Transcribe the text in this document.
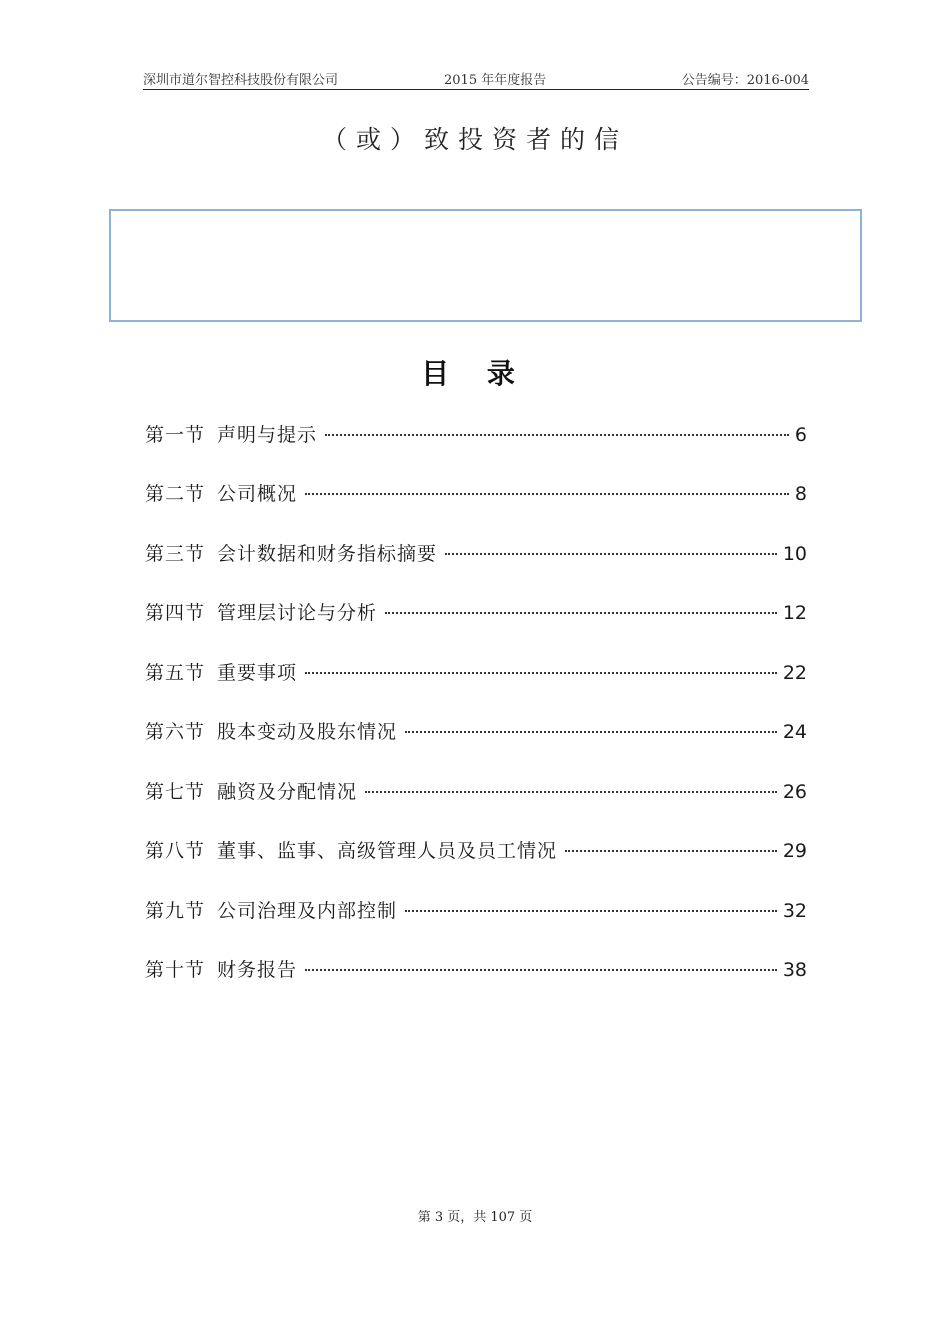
深圳市道尔智控科技股份有限公司	2015 年年度报告	公告编号：2016-004
（或）致投资者的信
目 录
第一节 声明与提示	6
第二节 公司概况	8
第三节 会计数据和财务指标摘要	10
第四节 管理层讨论与分析	12
第五节 重要事项	22
第六节 股本变动及股东情况	24
第七节 融资及分配情况	26
第八节 董事、监事、高级管理人员及员工情况	29
第九节 公司治理及内部控制	32
第十节 财务报告	38
第 3 页，共 107 页
